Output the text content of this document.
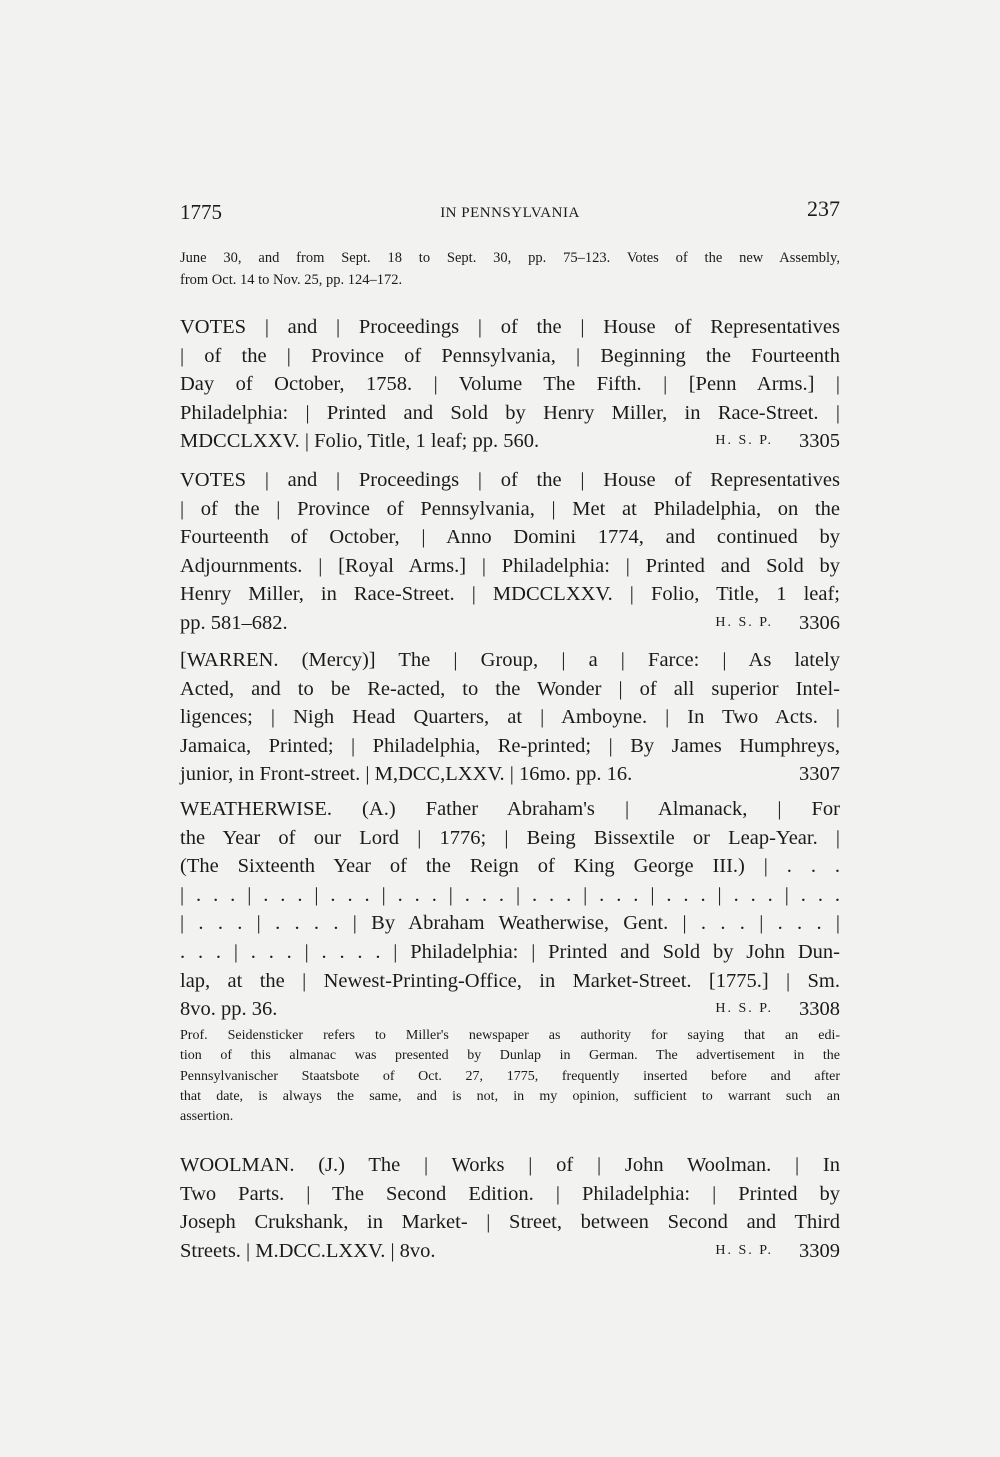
1775	IN PENNSYLVANIA	237
June 30, and from Sept. 18 to Sept. 30, pp. 75–123. Votes of the new Assembly,
from Oct. 14 to Nov. 25, pp. 124–172.
VOTES | and | Proceedings | of the | House of Representatives
| of the | Province of Pennsylvania, | Beginning the Fourteenth
Day of October, 1758. | Volume The Fifth. | [Penn Arms.] |
Philadelphia: | Printed and Sold by Henry Miller, in Race-Street. |
MDCCLXXV. | Folio, Title, 1 leaf; pp. 560.	3305
H. S. P.
VOTES | and | Proceedings | of the | House of Representatives
| of the | Province of Pennsylvania, | Met at Philadelphia, on the
Fourteenth of October, | Anno Domini 1774, and continued by
Adjournments. | [Royal Arms.] | Philadelphia: | Printed and Sold by
Henry Miller, in Race-Street. | MDCCLXXV. | Folio, Title, 1 leaf;
pp. 581–682.	3306
H. S. P.
[WARREN. (Mercy)] The | Group, | a | Farce: | As lately
Acted, and to be Re-acted, to the Wonder | of all superior Intel-
ligences; | Nigh Head Quarters, at | Amboyne. | In Two Acts. |
Jamaica, Printed; | Philadelphia, Re-printed; | By James Humphreys,
junior, in Front-street. | M,DCC,LXXV. | 16mo. pp. 16.	3307
WEATHERWISE. (A.) Father Abraham's | Almanack, | For
the Year of our Lord | 1776; | Being Bissextile or Leap-Year. |
(The Sixteenth Year of the Reign of King George III.) | . . .
| . . . | . . . | . . . | . . . | . . . | . . . | . . . | . . . | . . . | . . .
| . . . | . . . . | By Abraham Weatherwise, Gent. | . . . | . . . |
. . . | . . . | . . . . | Philadelphia: | Printed and Sold by John Dun-
lap, at the | Newest-Printing-Office, in Market-Street. [1775.] | Sm.
8vo. pp. 36.	3308
H. S. P.
Prof. Seidensticker refers to Miller's newspaper as authority for saying that an edi-
tion of this almanac was presented by Dunlap in German. The advertisement in the
Pennsylvanischer Staatsbote of Oct. 27, 1775, frequently inserted before and after
that date, is always the same, and is not, in my opinion, sufficient to warrant such an
assertion.
WOOLMAN. (J.) The | Works | of | John Woolman. | In
Two Parts. | The Second Edition. | Philadelphia: | Printed by
Joseph Crukshank, in Market- | Street, between Second and Third
Streets. | M.DCC.LXXV. | 8vo.	3309
H. S. P.
